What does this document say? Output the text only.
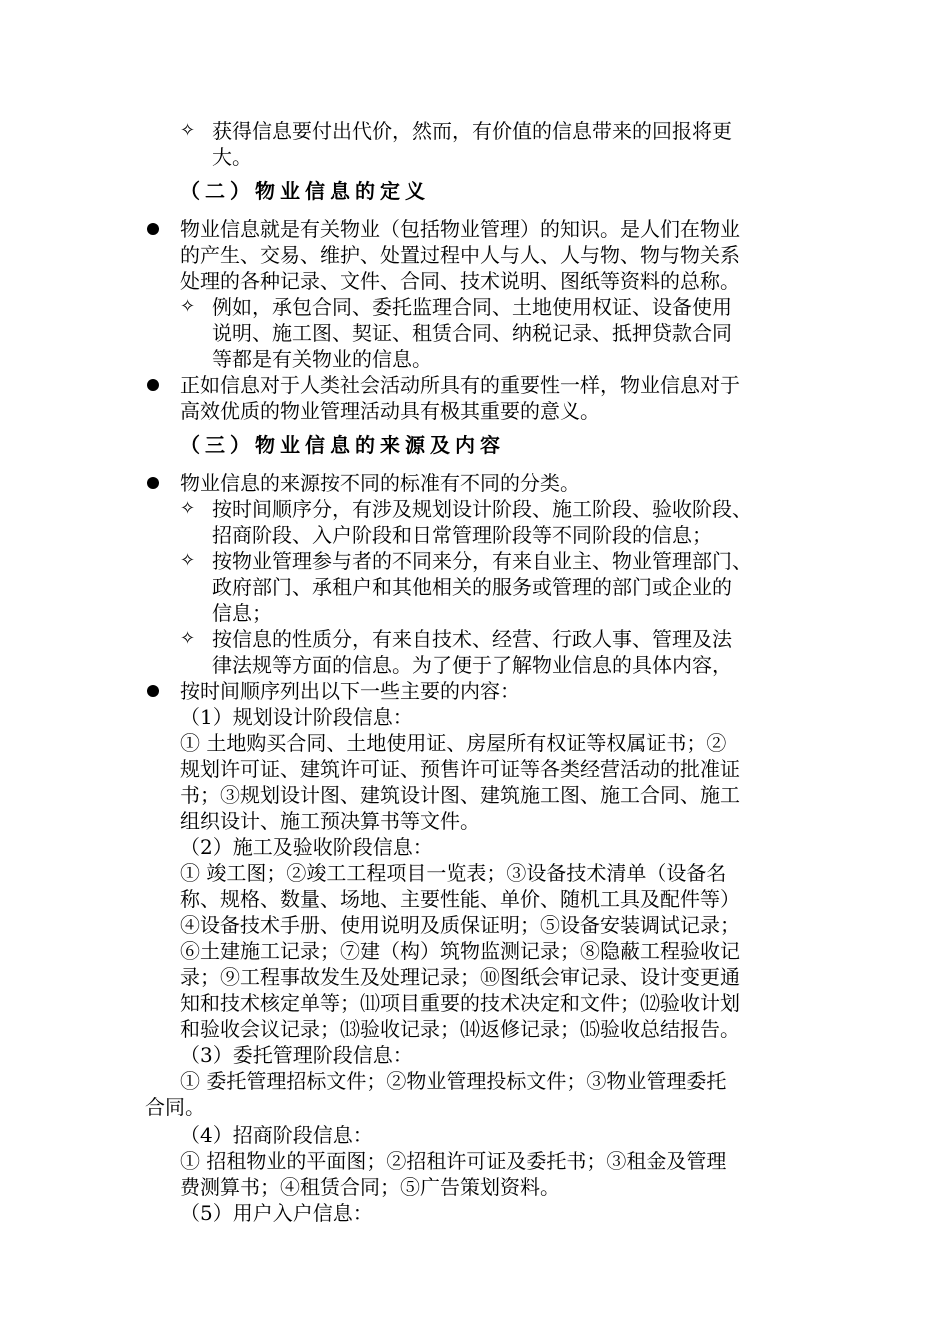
✧ 获得信息要付出代价，然而，有价值的信息带来的回报将更
大。
（二）物业信息的定义
物业信息就是有关物业（包括物业管理）的知识。是人们在物业
的产生、交易、维护、处置过程中人与人、人与物、物与物关系
处理的各种记录、文件、合同、技术说明、图纸等资料的总称。
✧ 例如，承包合同、委托监理合同、土地使用权证、设备使用
说明、施工图、契证、租赁合同、纳税记录、抵押贷款合同
等都是有关物业的信息。
正如信息对于人类社会活动所具有的重要性一样，物业信息对于
高效优质的物业管理活动具有极其重要的意义。
（三）物业信息的来源及内容
物业信息的来源按不同的标准有不同的分类。
✧ 按时间顺序分，有涉及规划设计阶段、施工阶段、验收阶段、
招商阶段、入户阶段和日常管理阶段等不同阶段的信息；
✧ 按物业管理参与者的不同来分，有来自业主、物业管理部门、
政府部门、承租户和其他相关的服务或管理的部门或企业的
信息；
✧ 按信息的性质分，有来自技术、经营、行政人事、管理及法
律法规等方面的信息。为了便于了解物业信息的具体内容，
按时间顺序列出以下一些主要的内容：
（1）规划设计阶段信息：
① 土地购买合同、土地使用证、房屋所有权证等权属证书；②
规划许可证、建筑许可证、预售许可证等各类经营活动的批准证
书；③规划设计图、建筑设计图、建筑施工图、施工合同、施工
组织设计、施工预决算书等文件。
（2）施工及验收阶段信息：
① 竣工图；②竣工工程项目一览表；③设备技术清单（设备名
称、规格、数量、场地、主要性能、单价、随机工具及配件等）
④设备技术手册、使用说明及质保证明；⑤设备安装调试记录；
⑥土建施工记录；⑦建（构）筑物监测记录；⑧隐蔽工程验收记
录；⑨工程事故发生及处理记录；⑩图纸会审记录、设计变更通
知和技术核定单等；⑾项目重要的技术决定和文件；⑿验收计划
和验收会议记录；⒀验收记录；⒁返修记录；⒂验收总结报告。
（3）委托管理阶段信息：
① 委托管理招标文件；②物业管理投标文件；③物业管理委托
合同。
（4）招商阶段信息：
① 招租物业的平面图；②招租许可证及委托书；③租金及管理
费测算书；④租赁合同；⑤广告策划资料。
（5）用户入户信息：
